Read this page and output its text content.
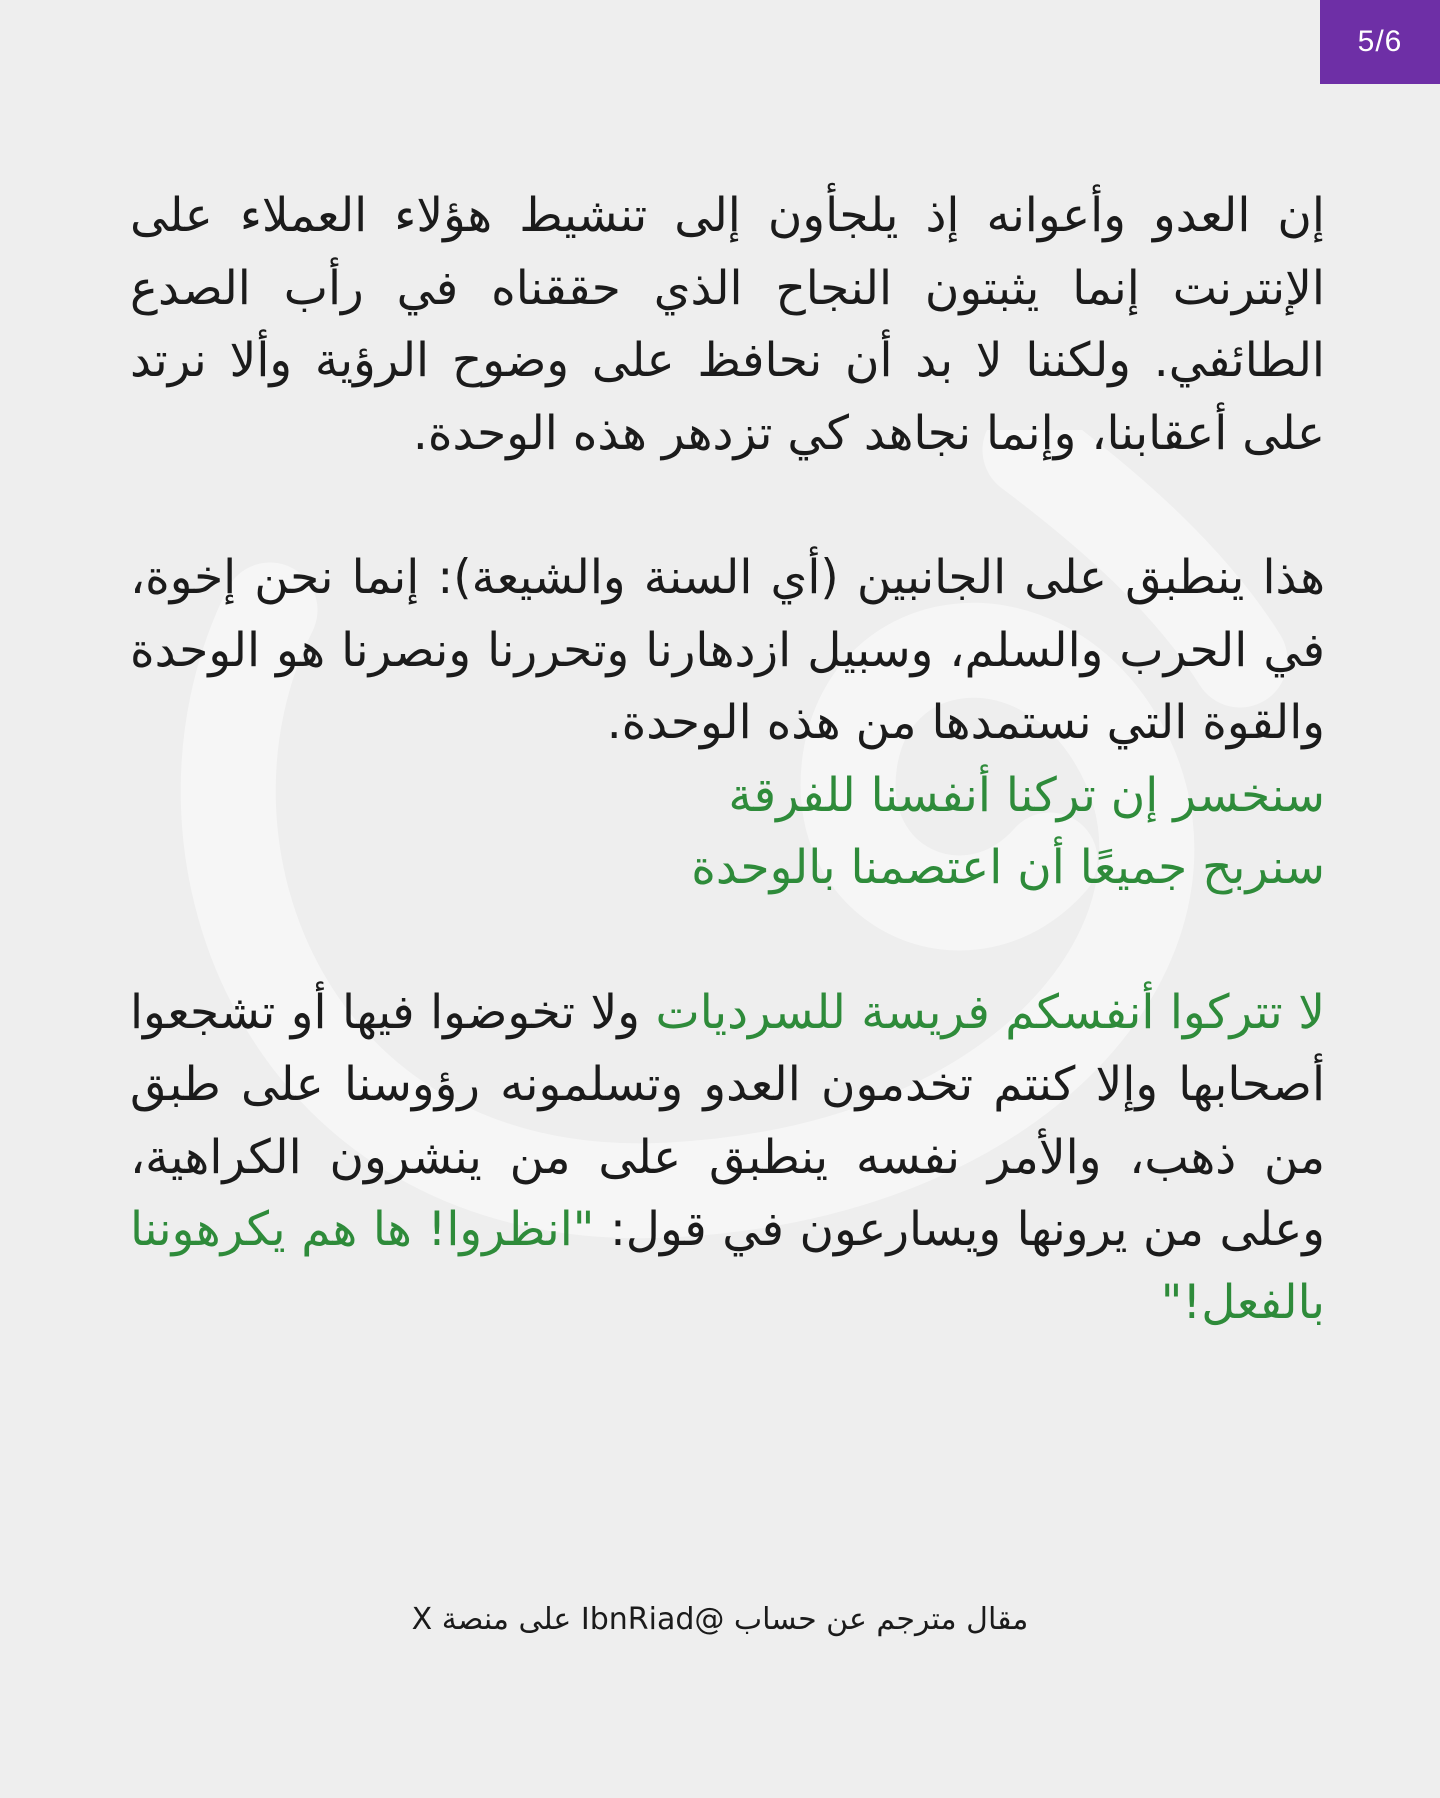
5/6

إن العدو وأعوانه إذ يلجأون إلى تنشيط هؤلاء العملاء على الإنترنت إنما يثبتون النجاح الذي حققناه في رأب الصدع الطائفي. ولكننا لا بد أن نحافظ على وضوح الرؤية وألا نرتد على أعقابنا، وإنما نجاهد كي تزدهر هذه الوحدة.

هذا ينطبق على الجانبين (أي السنة والشيعة): إنما نحن إخوة، في الحرب والسلم، وسبيل ازدهارنا وتحررنا ونصرنا هو الوحدة والقوة التي نستمدها من هذه الوحدة.

سنخسر إن تركنا أنفسنا للفرقة

سنربح جميعًا أن اعتصمنا بالوحدة

لا تتركوا أنفسكم فريسة للسرديات ولا تخوضوا فيها أو تشجعوا أصحابها وإلا كنتم تخدمون العدو وتسلمونه رؤوسنا على طبق من ذهب، والأمر نفسه ينطبق على من ينشرون الكراهية، وعلى من يرونها ويسارعون في قول: "انظروا! ها هم يكرهوننا بالفعل!"

مقال مترجم عن حساب @IbnRiad على منصة X
